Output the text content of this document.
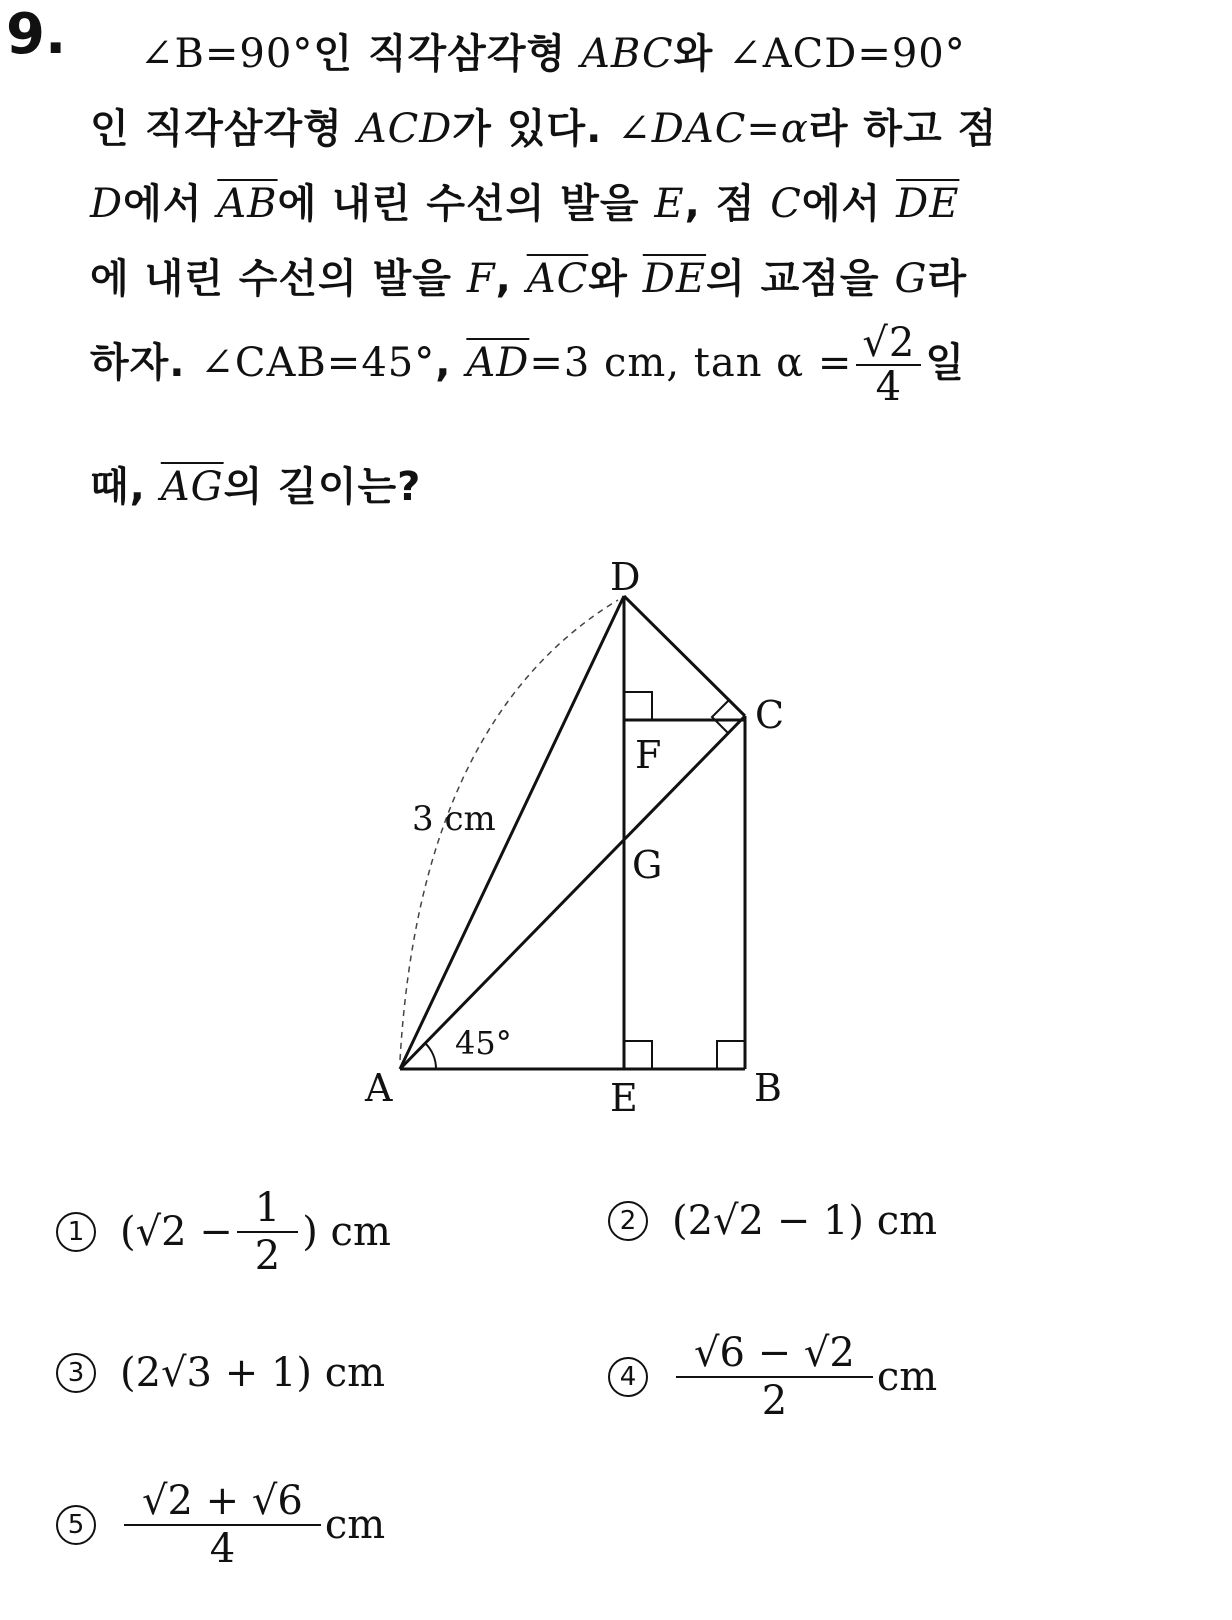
9. ∠B=90°인 직각삼각형 ABC와 ∠ACD=90°
인 직각삼각형 ACD가 있다. ∠DAC=α라 하고 점
D에서 $\overline{AB}$에 내린 수선의 발을 E, 점 C에서 $\overline{DE}$
에 내린 수선의 발을 F, $\overline{AC}$와 $\overline{DE}$의 교점을 G라
하자. ∠CAB=45°, $\overline{AD}=3$ cm, $\tan \alpha = \frac{√2}{4}$ 일
때, $\overline{AG}$의 길이는?
D
C
F
G
A	E	B
3 cm
45°
1 ($√2 - \frac{1}{2}$ ) cm	2 (2√2 − 1) cm
3 (2√3 + 1) cm	$4 \frac{√6 - √2}{2}$ cm
$5 \frac{√2 + √6}{4}$ cm
